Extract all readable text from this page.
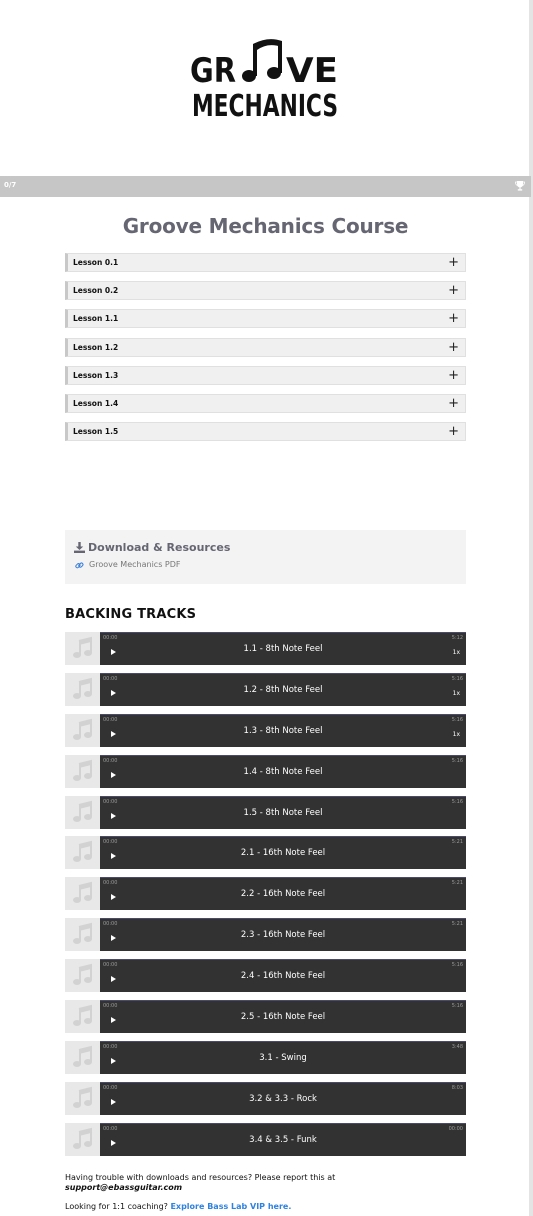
GR VE
MECHANICS
0/7
Groove Mechanics Course
Lesson 0.1	+
Lesson 0.2	+
Lesson 1.1	+
Lesson 1.2	+
Lesson 1.3	+
Lesson 1.4	+
Lesson 1.5	+
Download & Resources
Groove Mechanics PDF
BACKING TRACKS
00:00	5:12
1.1 - 8th Note Feel	1x
00:00	5:16
1.2 - 8th Note Feel	1x
00:00	5:16
1.3 - 8th Note Feel	1x
00:00	5:16
1.4 - 8th Note Feel
00:00	5:16
1.5 - 8th Note Feel
00:00	5:21
2.1 - 16th Note Feel
00:00	5:21
2.2 - 16th Note Feel
00:00	5:21
2.3 - 16th Note Feel
00:00	5:16
2.4 - 16th Note Feel
00:00	5:16
2.5 - 16th Note Feel
00:00	3:48
3.1 - Swing
00:00	8:03
3.2 & 3.3 - Rock
00:00	00:00
3.4 & 3.5 - Funk
Having trouble with downloads and resources? Please report this at
support@ebassguitar.com
Looking for 1:1 coaching? Explore Bass Lab VIP here.
